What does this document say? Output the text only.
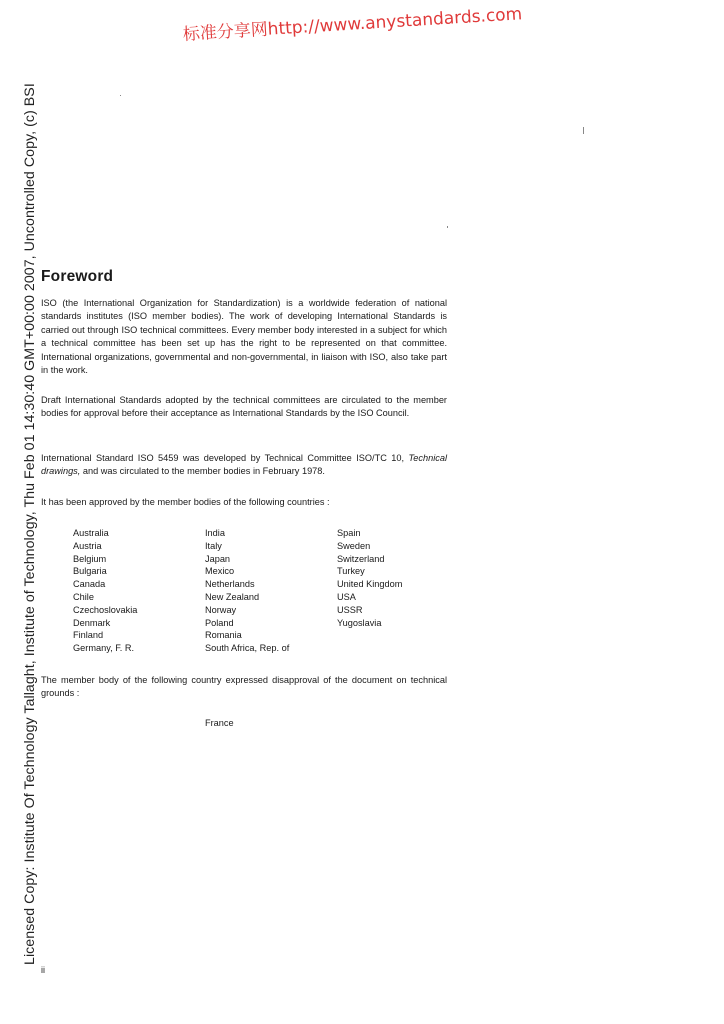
标准分享网http://www.anystandards.com
Licensed Copy: Institute Of Technology Tallaght, Institute of Technology, Thu Feb 01 14:30:40 GMT+00:00 2007, Uncontrolled Copy, (c) BSI Foreword
ISO (the International Organization for Standardization) is a worldwide federation of national standards institutes (ISO member bodies). The work of developing International Standards is carried out through ISO technical committees. Every member body interested in a subject for which a technical committee has been set up has the right to be represented on that committee. International organizations, governmental and non-governmental, in liaison with ISO, also take part in the work.
Draft International Standards adopted by the technical committees are circulated to the member bodies for approval before their acceptance as International Standards by the ISO Council.
International Standard ISO 5459 was developed by Technical Committee ISO/TC 10, Technical drawings, and was circulated to the member bodies in February 1978.
It has been approved by the member bodies of the following countries :
Australia
Austria
Belgium
Bulgaria
Canada
Chile
Czechoslovakia
Denmark
Finland
Germany, F. R.
India
Italy
Japan
Mexico
Netherlands
New Zealand
Norway
Poland
Romania
South Africa, Rep. of
Spain
Sweden
Switzerland
Turkey
United Kingdom
USA
USSR
Yugoslavia
The member body of the following country expressed disapproval of the document on technical grounds :
France
ii
